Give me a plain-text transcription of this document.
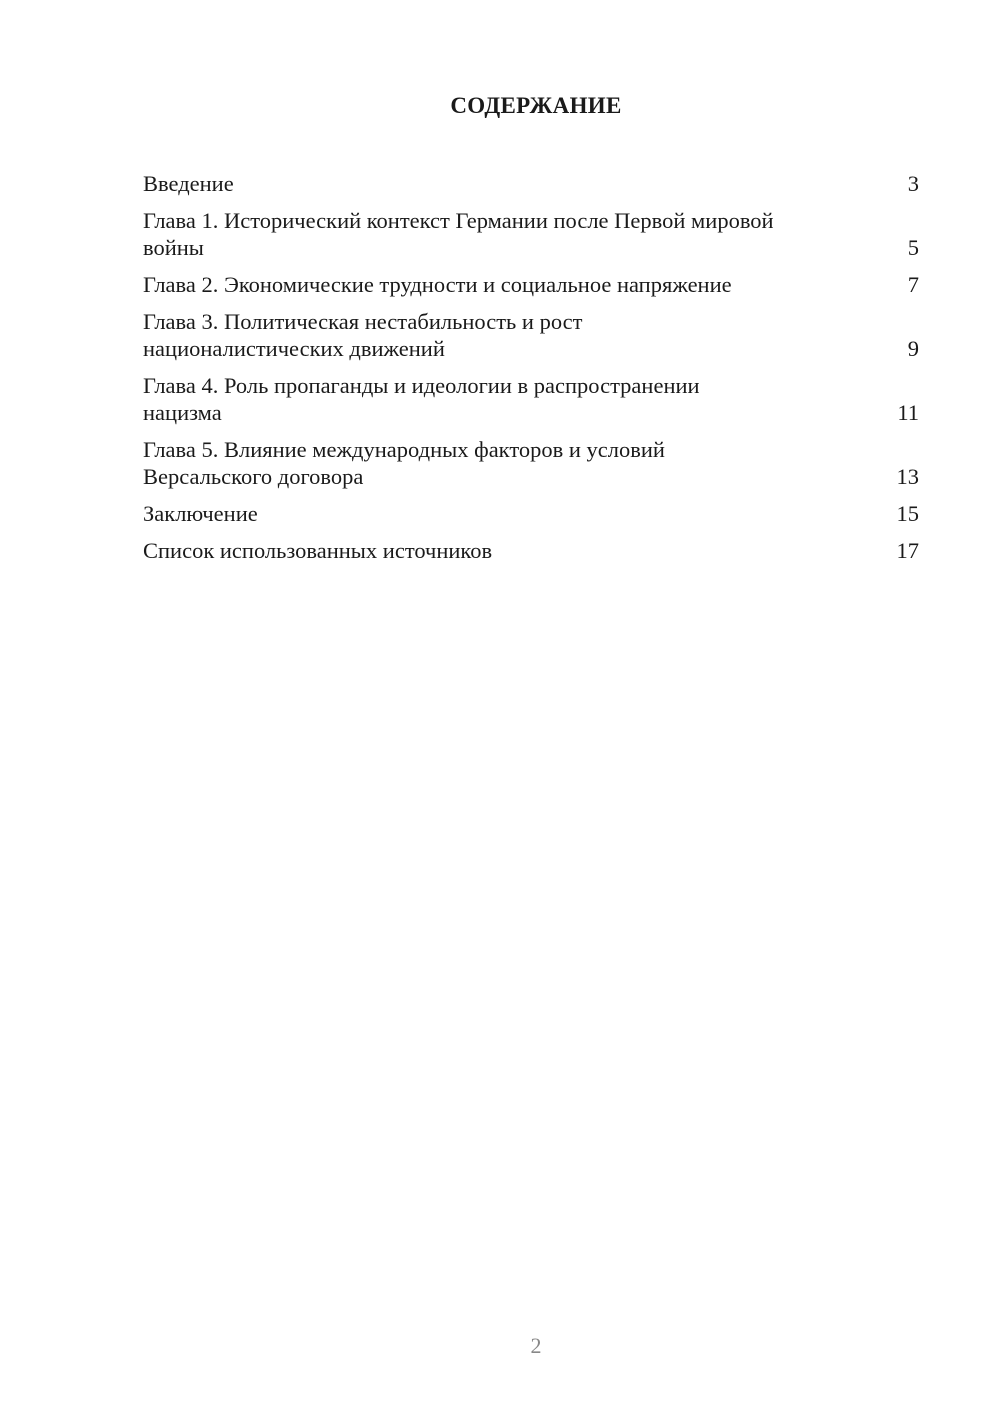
СОДЕРЖАНИЕ
Введение	3
Глава 1. Исторический контекст Германии после Первой мировой войны	5
Глава 2. Экономические трудности и социальное напряжение	7
Глава 3. Политическая нестабильность и рост националистических движений	9
Глава 4. Роль пропаганды и идеологии в распространении нацизма	11
Глава 5. Влияние международных факторов и условий Версальского договора	13
Заключение	15
Список использованных источников	17
2
